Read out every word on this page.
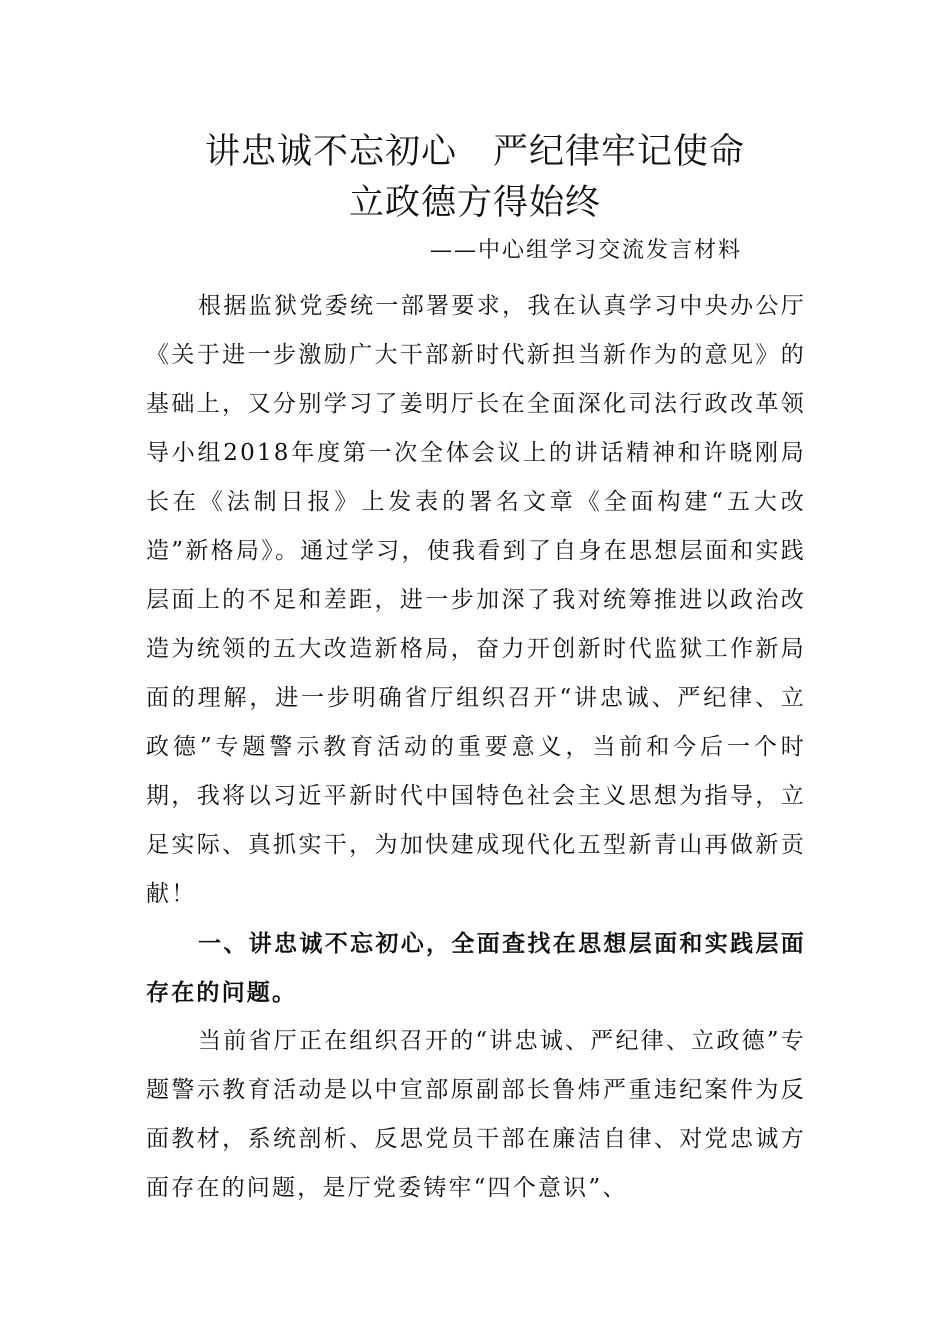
讲忠诚不忘初心　严纪律牢记使命
立政德方得始终
——中心组学习交流发言材料

根据监狱党委统一部署要求，我在认真学习中央办公厅《关于进一步激励广大干部新时代新担当新作为的意见》的基础上，又分别学习了姜明厅长在全面深化司法行政改革领导小组2018年度第一次全体会议上的讲话精神和许晓刚局长在《法制日报》上发表的署名文章《全面构建“五大改造”新格局》。通过学习，使我看到了自身在思想层面和实践层面上的不足和差距，进一步加深了我对统筹推进以政治改造为统领的五大改造新格局，奋力开创新时代监狱工作新局面的理解，进一步明确省厅组织召开“讲忠诚、严纪律、立政德”专题警示教育活动的重要意义，当前和今后一个时期，我将以习近平新时代中国特色社会主义思想为指导，立足实际、真抓实干，为加快建成现代化五型新青山再做新贡献！

一、讲忠诚不忘初心，全面查找在思想层面和实践层面存在的问题。

当前省厅正在组织召开的“讲忠诚、严纪律、立政德”专题警示教育活动是以中宣部原副部长鲁炜严重违纪案件为反面教材，系统剖析、反思党员干部在廉洁自律、对党忠诚方面存在的问题，是厅党委铸牢“四个意识”、
